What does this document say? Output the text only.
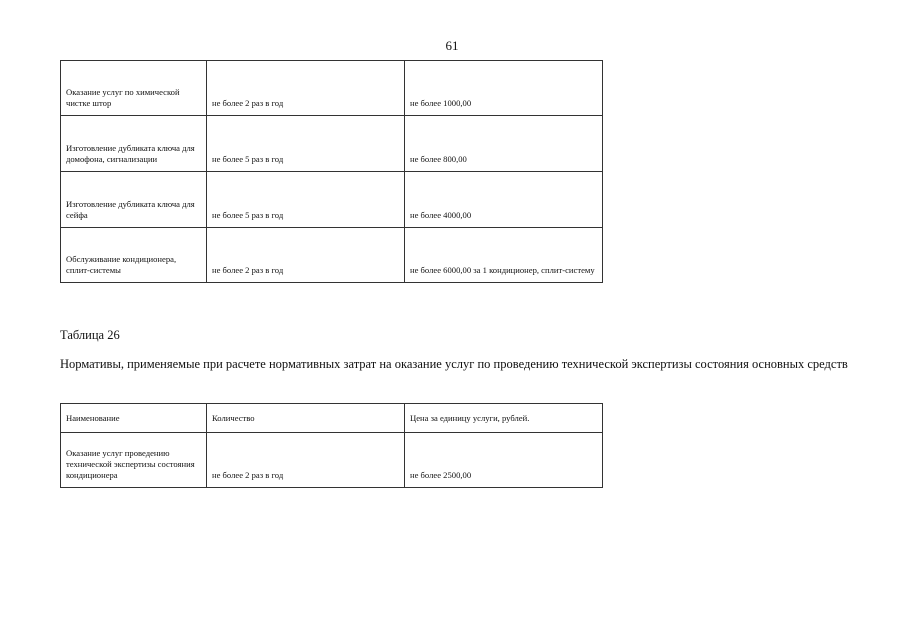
61
Оказание услуг по химической чистке штор	не более 2 раз в год	не более 1000,00
Изготовление дубликата ключа для домофона, сигнализации	не более 5 раз в год	не более 800,00
Изготовление дубликата ключа для сейфа	не более 5 раз в год	не более 4000,00
Обслуживание кондиционера, сплит-системы	не более 2 раз в год	не более 6000,00 за 1 кондиционер, сплит-систему
Таблица 26
Нормативы, применяемые при расчете нормативных затрат на оказание услуг по проведению технической экспертизы состояния основных средств
Наименование	Количество	Цена за единицу услуги, рублей.
Оказание услуг проведению технической экспертизы состояния кондиционера	не более 2 раз в год	не более 2500,00
